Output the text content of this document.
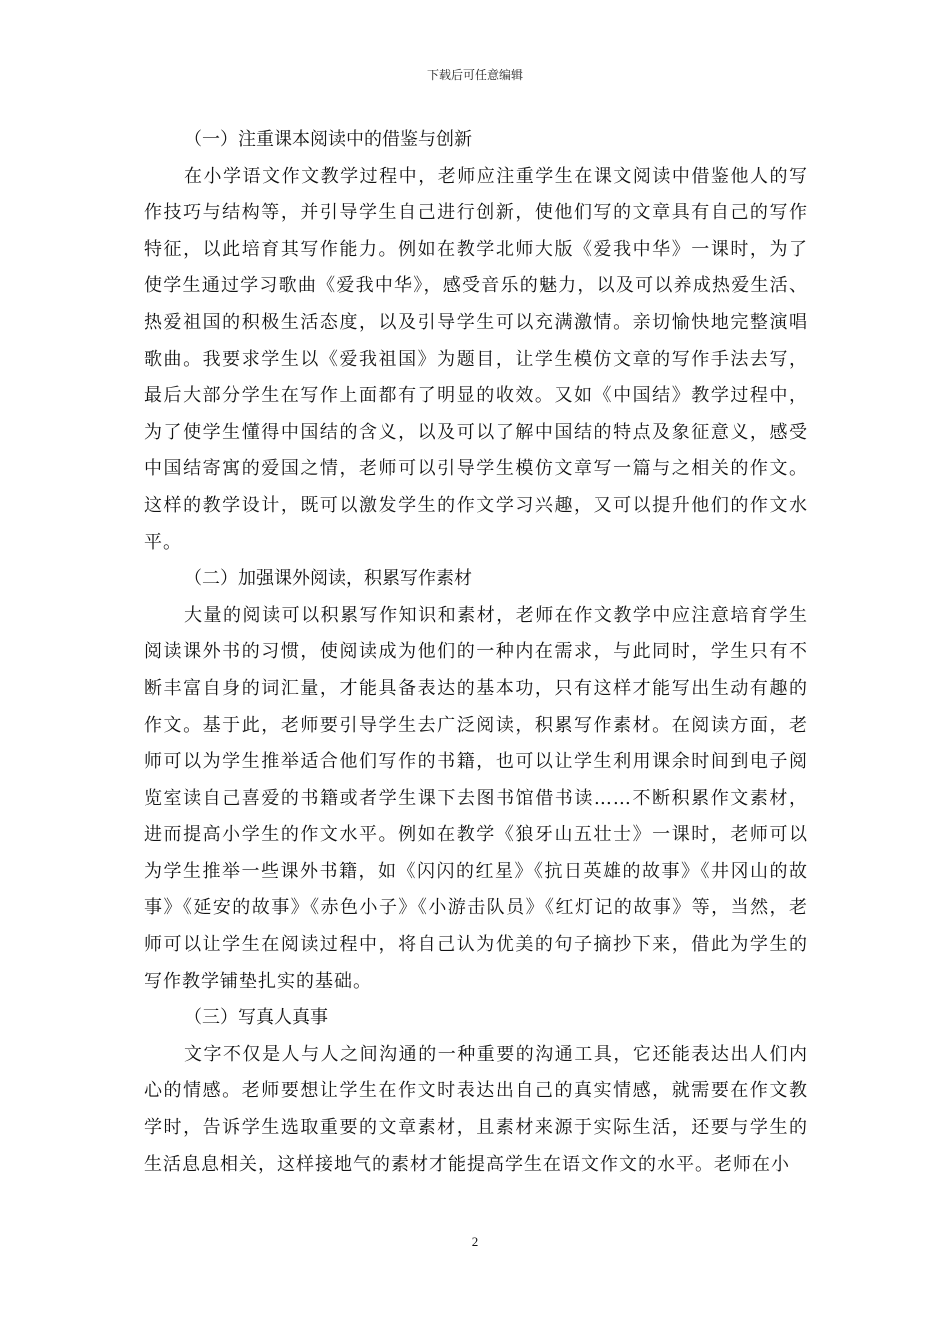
下载后可任意编辑

（一）注重课本阅读中的借鉴与创新

在小学语文作文教学过程中，老师应注重学生在课文阅读中借鉴他人的写作技巧与结构等，并引导学生自己进行创新，使他们写的文章具有自己的写作特征，以此培育其写作能力。例如在教学北师大版《爱我中华》一课时，为了使学生通过学习歌曲《爱我中华》，感受音乐的魅力，以及可以养成热爱生活、热爱祖国的积极生活态度，以及引导学生可以充满激情。亲切愉快地完整演唱歌曲。我要求学生以《爱我祖国》为题目，让学生模仿文章的写作手法去写，最后大部分学生在写作上面都有了明显的收效。又如《中国结》教学过程中，为了使学生懂得中国结的含义，以及可以了解中国结的特点及象征意义，感受中国结寄寓的爱国之情，老师可以引导学生模仿文章写一篇与之相关的作文。这样的教学设计，既可以激发学生的作文学习兴趣，又可以提升他们的作文水平。

（二）加强课外阅读，积累写作素材

大量的阅读可以积累写作知识和素材，老师在作文教学中应注意培育学生阅读课外书的习惯，使阅读成为他们的一种内在需求，与此同时，学生只有不断丰富自身的词汇量，才能具备表达的基本功，只有这样才能写出生动有趣的作文。基于此，老师要引导学生去广泛阅读，积累写作素材。在阅读方面，老师可以为学生推举适合他们写作的书籍，也可以让学生利用课余时间到电子阅览室读自己喜爱的书籍或者学生课下去图书馆借书读……不断积累作文素材，进而提高小学生的作文水平。例如在教学《狼牙山五壮士》一课时，老师可以为学生推举一些课外书籍，如《闪闪的红星》《抗日英雄的故事》《井冈山的故事》《延安的故事》《赤色小子》《小游击队员》《红灯记的故事》等，当然，老师可以让学生在阅读过程中，将自己认为优美的句子摘抄下来，借此为学生的写作教学铺垫扎实的基础。

（三）写真人真事

文字不仅是人与人之间沟通的一种重要的沟通工具，它还能表达出人们内心的情感。老师要想让学生在作文时表达出自己的真实情感，就需要在作文教学时，告诉学生选取重要的文章素材，且素材来源于实际生活，还要与学生的生活息息相关，这样接地气的素材才能提高学生在语文作文的水平。老师在小

2
